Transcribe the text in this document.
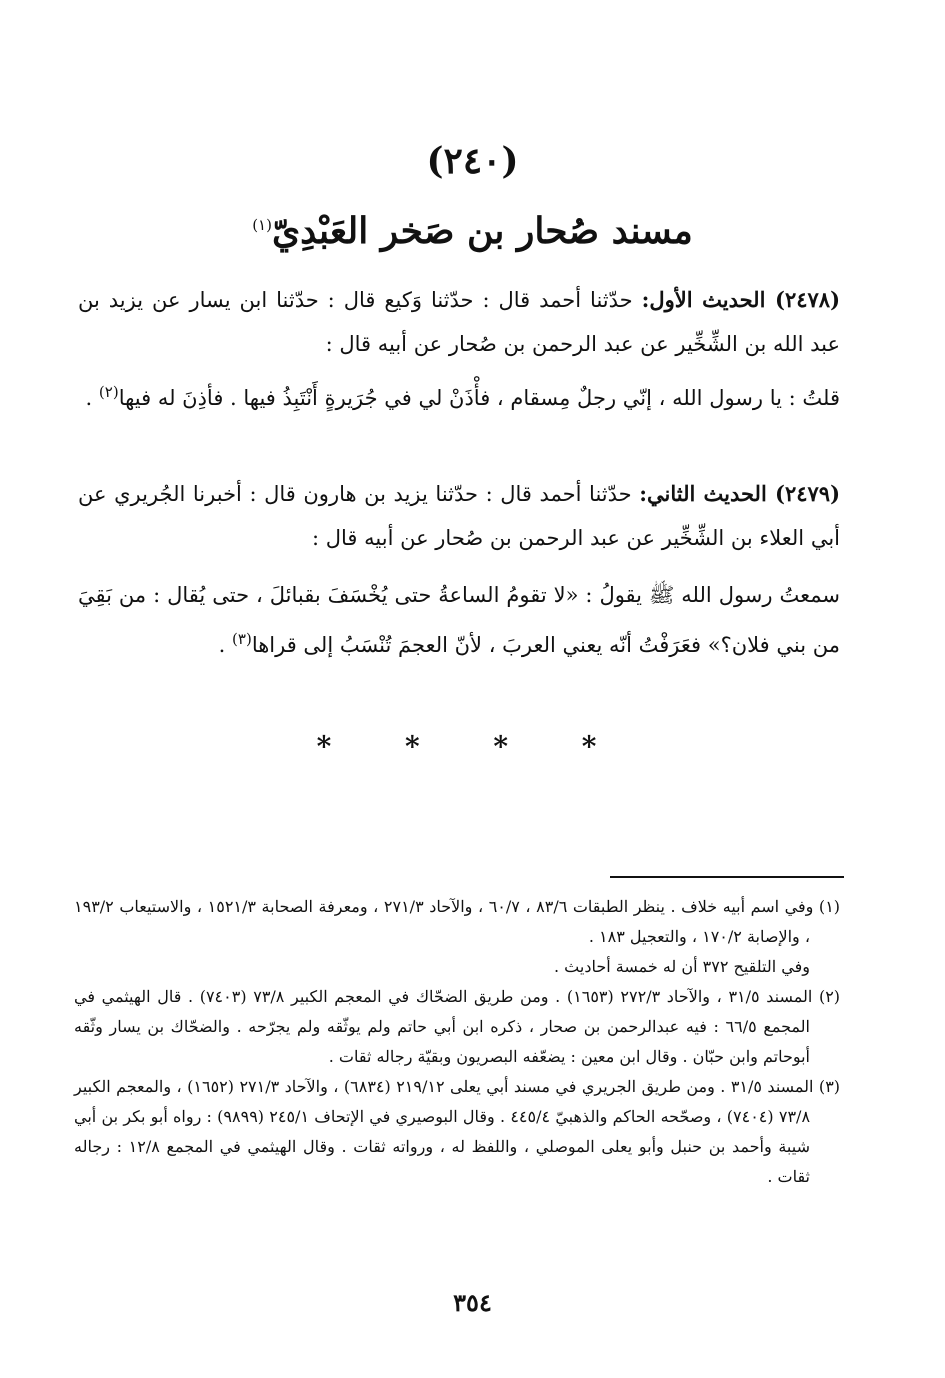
(٢٤٠)
مسند صُحار بن صَخر العَبْدِيّ$^{(١)}$
(٢٤٧٨) الحديث الأول: حدّثنا أحمد قال : حدّثنا وَكيع قال : حدّثنا ابن يسار عن يزيد بن عبد الله بن الشِّخِّير عن عبد الرحمن بن صُحار عن أبيه قال :
قلتُ : يا رسول الله ، إنّي رجلٌ مِسقام ، فأْذَنْ لي في جُرَيرةٍ أَنْتَبِذُ فيها . فأذِنَ له فيها$^{(٢)}$ .
(٢٤٧٩) الحديث الثاني: حدّثنا أحمد قال : حدّثنا يزيد بن هارون قال : أخبرنا الجُريري عن أبي العلاء بن الشِّخِّير عن عبد الرحمن بن صُحار عن أبيه قال :
سمعتُ رسول الله ﷺ يقولُ : «لا تقومُ الساعةُ حتى يُخْسَفَ بقبائلَ ، حتى يُقال : من بَقِيَ من بني فلان؟» فعَرَفْتُ أنّه يعني العربَ ، لأنّ العجمَ تُنْسَبُ إلى قراها$^{(٣)}$ .
* * * *

(١) وفي اسم أبيه خلاف . ينظر الطبقات ٨٣/٦ ، ٦٠/٧ ، والآحاد ٢٧١/٣ ، ومعرفة الصحابة ١٥٢١/٣ ، والاستيعاب ١٩٣/٢ ، والإصابة ١٧٠/٢ ، والتعجيل ١٨٣ .

وفي التلقيح ٣٧٢ أن له خمسة أحاديث .

(٢) المسند ٣١/٥ ، والآحاد ٢٧٢/٣ (١٦٥٣) . ومن طريق الضحّاك في المعجم الكبير ٧٣/٨ (٧٤٠٣) . قال الهيثمي في المجمع ٦٦/٥ : فيه عبدالرحمن بن صحار ، ذكره ابن أبي حاتم ولم يوثّقه ولم يجرّحه . والضحّاك بن يسار وثّقه أبوحاتم وابن حبّان . وقال ابن معين : يضعّفه البصريون وبقيّة رجاله ثقات .

(٣) المسند ٣١/٥ . ومن طريق الجريري في مسند أبي يعلى ٢١٩/١٢ (٦٨٣٤) ، والآحاد ٢٧١/٣ (١٦٥٢) ، والمعجم الكبير ٧٣/٨ (٧٤٠٤) ، وصحّحه الحاكم والذهبيّ ٤٤٥/٤ . وقال البوصيري في الإتحاف ٢٤٥/١ (٩٨٩٩) : رواه أبو بكر بن أبي شيبة وأحمد بن حنبل وأبو يعلى الموصلي ، واللفظ له ، ورواته ثقات . وقال الهيثمي في المجمع ١٢/٨ : رجاله ثقات .

٣٥٤
